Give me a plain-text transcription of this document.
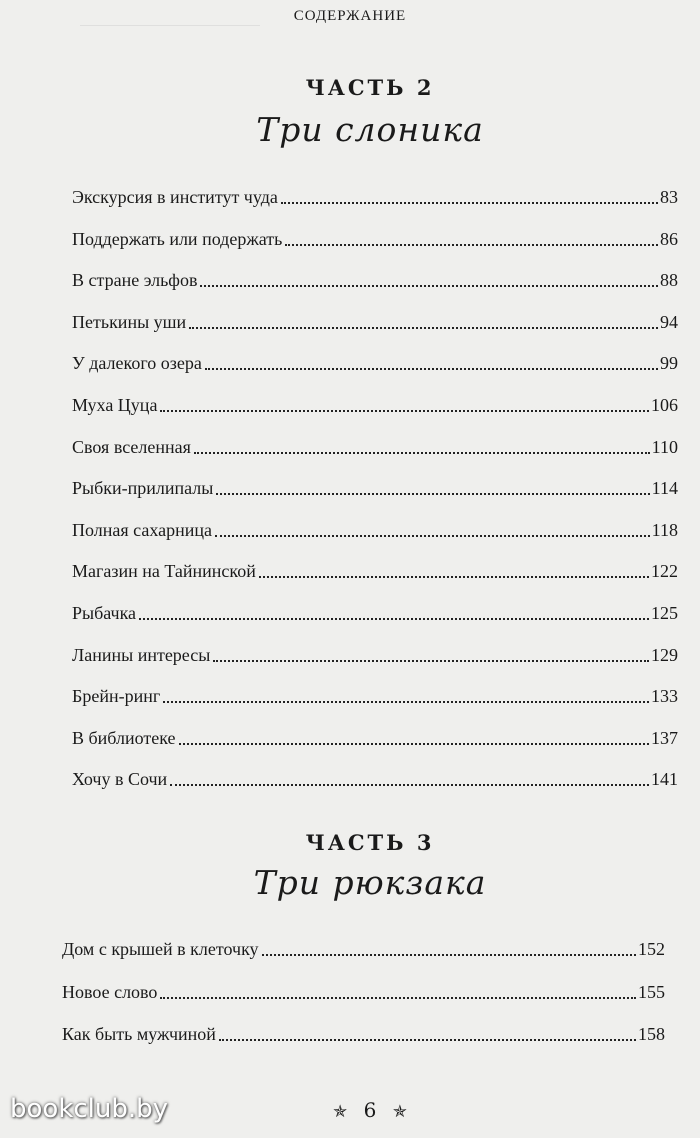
СОДЕРЖАНИЕ
ЧАСТЬ 2
Три слоника
Экскурсия в институт чуда	83
Поддержать или подержать	86
В стране эльфов	88
Петькины уши	94
У далекого озера	99
Муха Цуца	106
Своя вселенная	110
Рыбки-прилипалы	114
Полная сахарница	118
Магазин на Тайнинской	122
Рыбачка	125
Ланины интересы	129
Брейн-ринг	133
В библиотеке	137
Хочу в Сочи	141
ЧАСТЬ 3
Три рюкзака
Дом с крышей в клеточку	152
Новое слово	155
Как быть мужчиной	158
✯ 6 ✯
bookclub.by
